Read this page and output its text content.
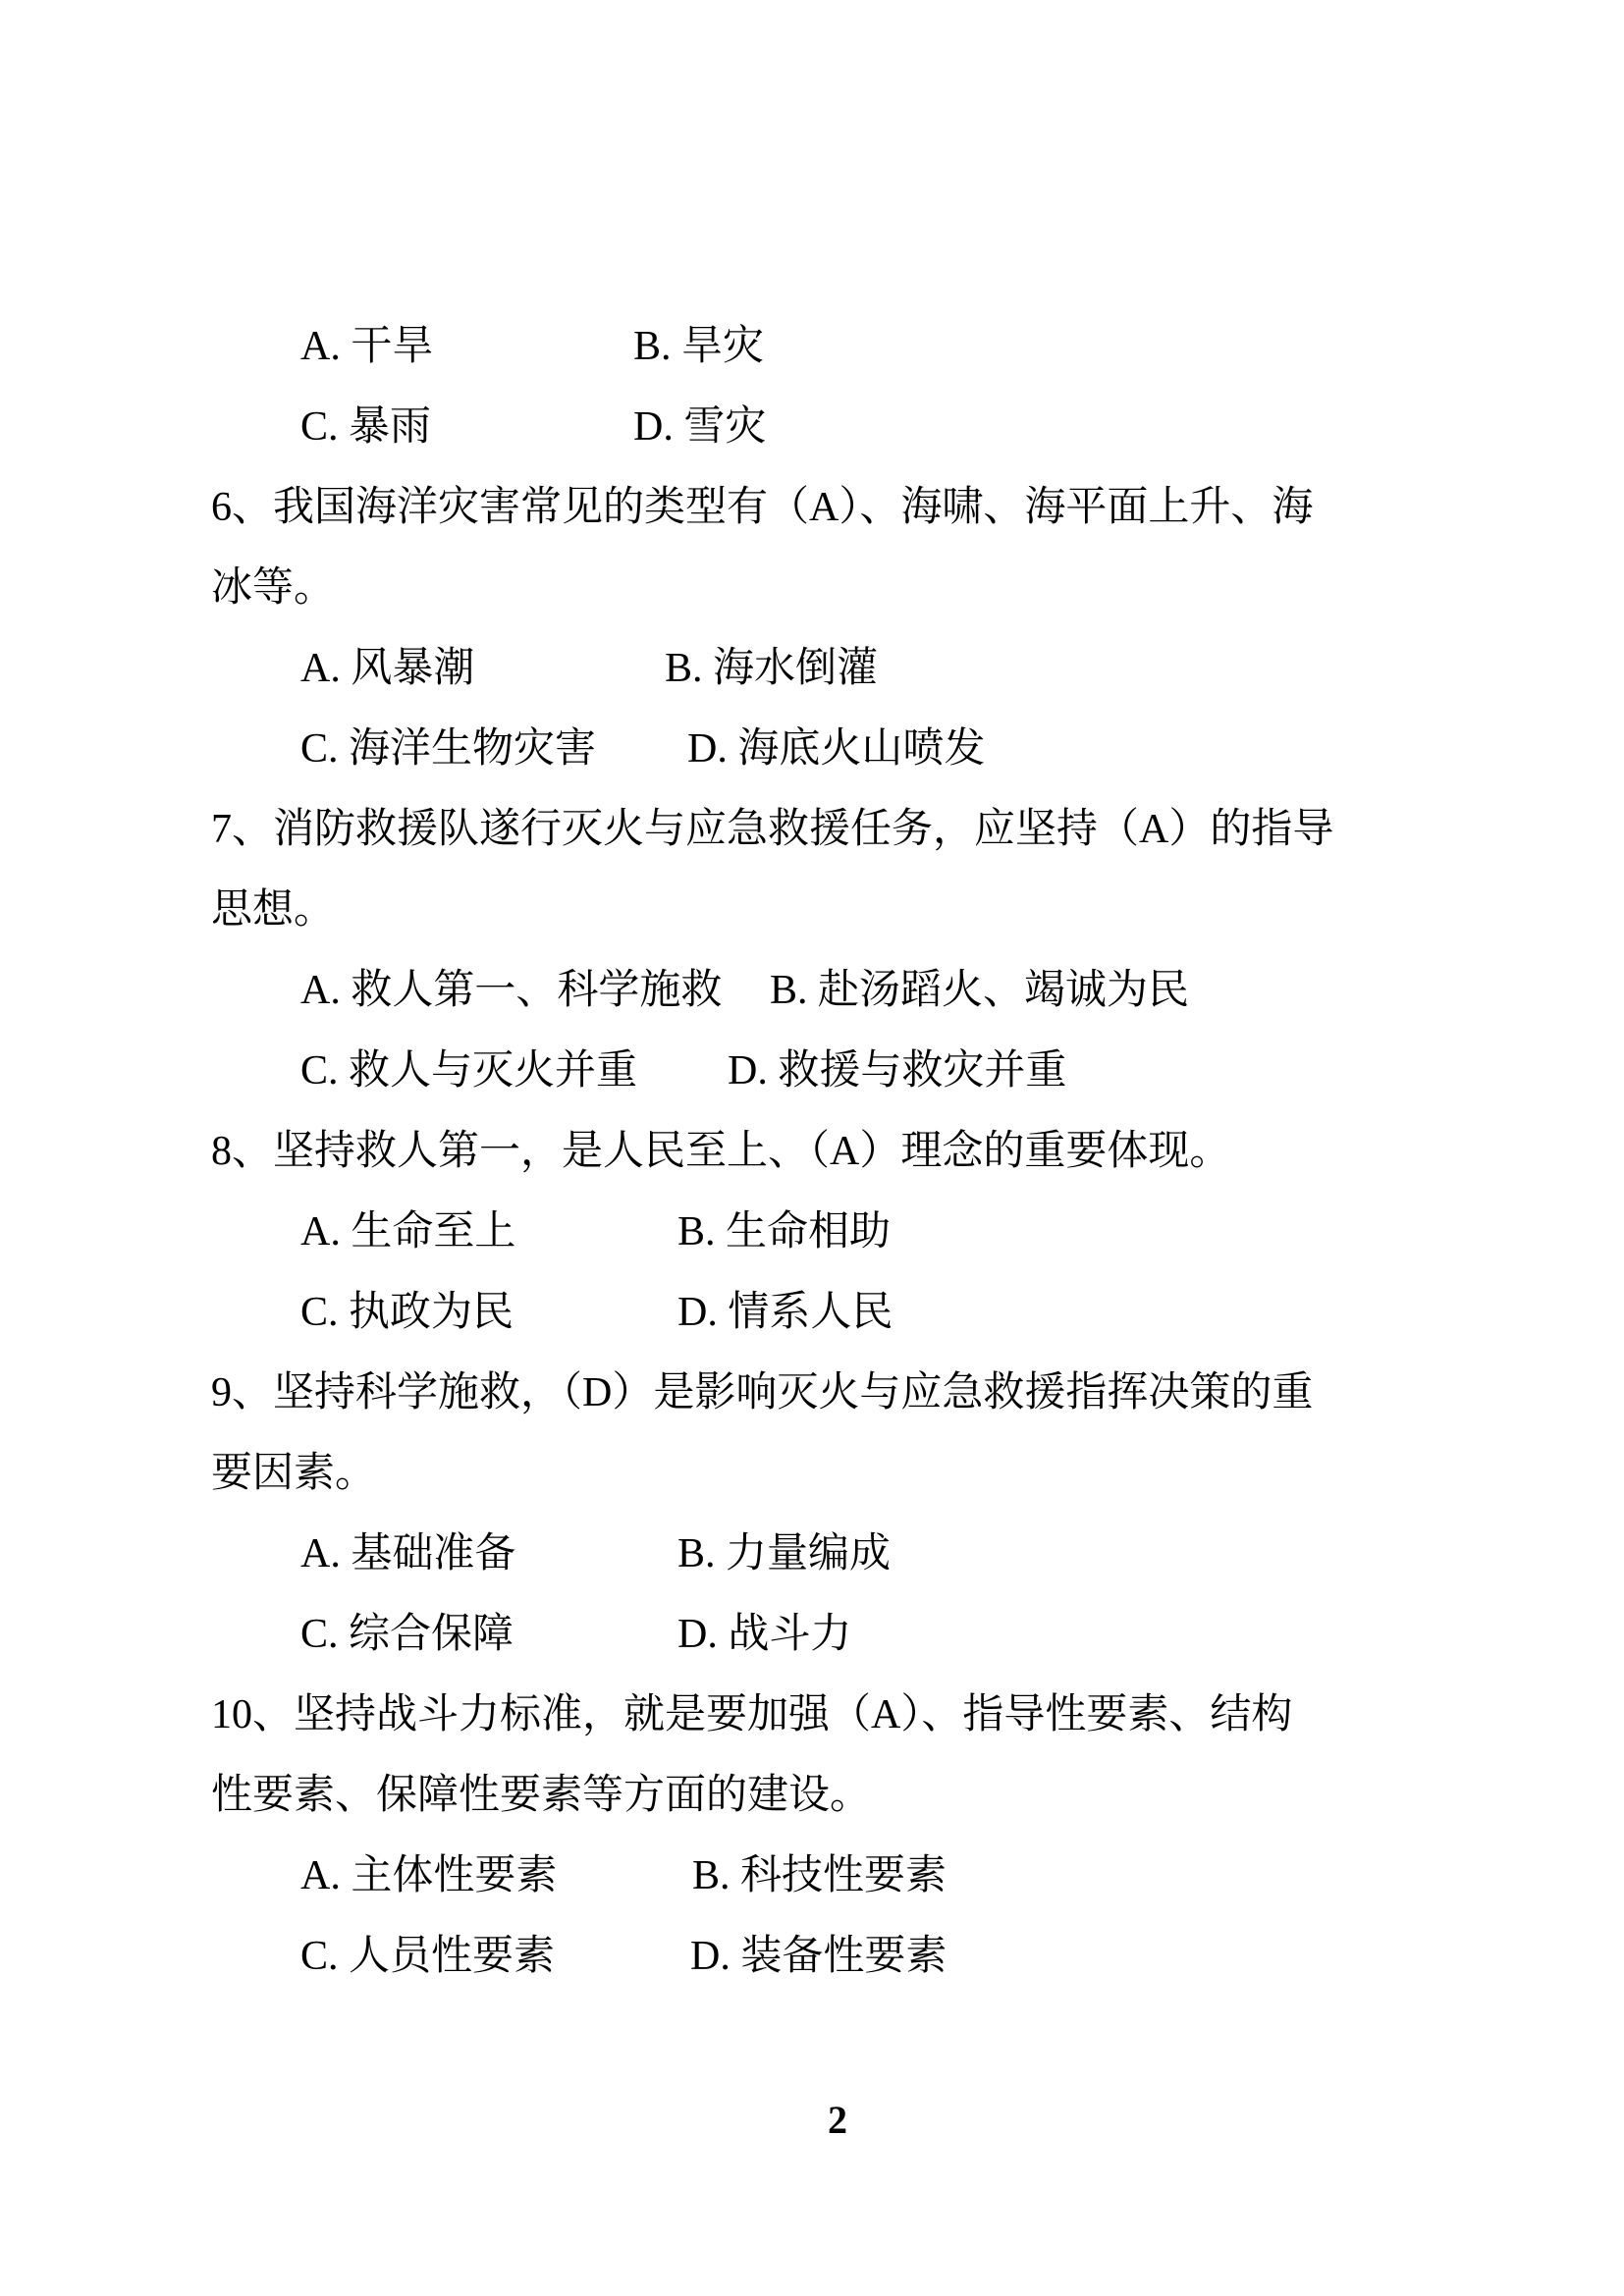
A. 干旱	B. 旱灾
C. 暴雨	D. 雪灾
6、我国海洋灾害常见的类型有（A）、海啸、海平面上升、海
冰等。
A. 风暴潮	B. 海水倒灌
C. 海洋生物灾害	D. 海底火山喷发
7、消防救援队遂行灭火与应急救援任务，应坚持（A）的指导
思想。
A. 救人第一、科学施救	B. 赴汤蹈火、竭诚为民
C. 救人与灭火并重	D. 救援与救灾并重
8、坚持救人第一，是人民至上、（A）理念的重要体现。
A. 生命至上	B. 生命相助
C. 执政为民	D. 情系人民
9、坚持科学施救，（D）是影响灭火与应急救援指挥决策的重
要因素。
A. 基础准备	B. 力量编成
C. 综合保障	D. 战斗力
10、坚持战斗力标准，就是要加强（A）、指导性要素、结构
性要素、保障性要素等方面的建设。
A. 主体性要素	B. 科技性要素
C. 人员性要素	D. 装备性要素
2
